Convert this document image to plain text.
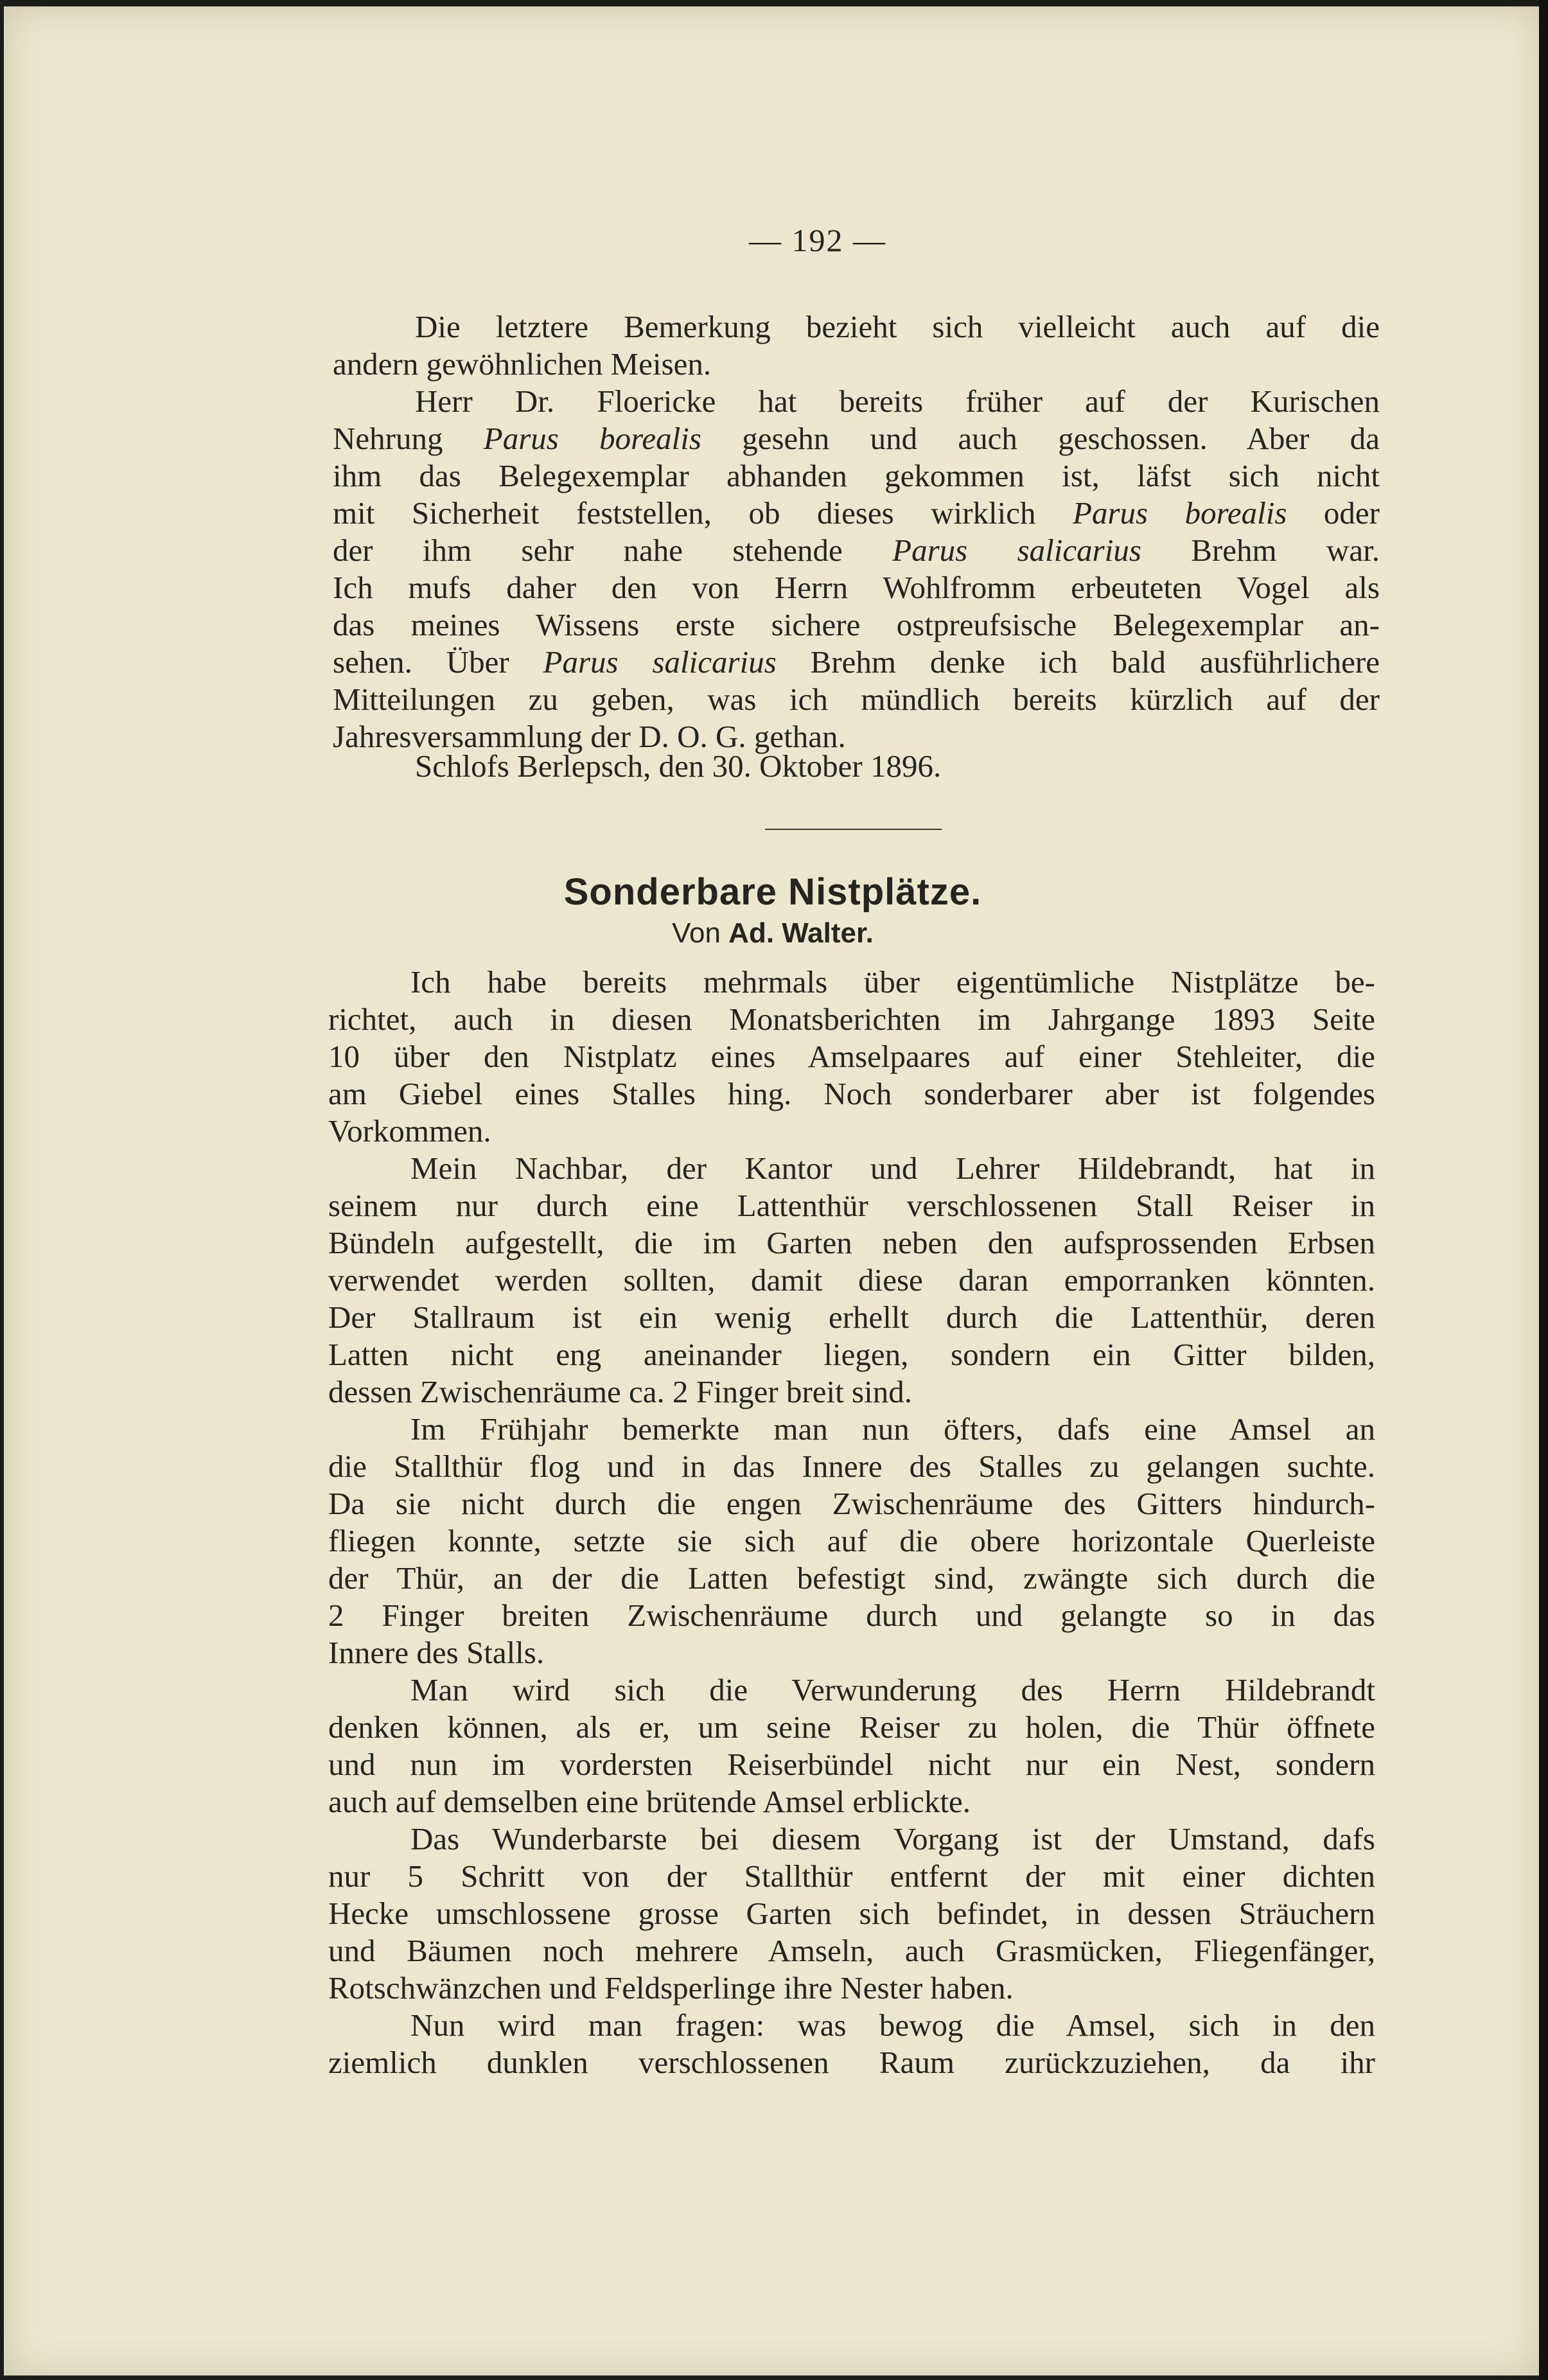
— 192 —
Die letztere Bemerkung bezieht sich vielleicht auch auf die
andern gewöhnlichen Meisen.
Herr Dr. Floericke hat bereits früher auf der Kurischen
Nehrung Parus borealis gesehn und auch geschossen. Aber da
ihm das Belegexemplar abhanden gekommen ist, läfst sich nicht
mit Sicherheit feststellen, ob dieses wirklich Parus borealis oder
der ihm sehr nahe stehende Parus salicarius Brehm war.
Ich mufs daher den von Herrn Wohlfromm erbeuteten Vogel als
das meines Wissens erste sichere ostpreufsische Belegexemplar an-
sehen. Über Parus salicarius Brehm denke ich bald ausführlichere
Mitteilungen zu geben, was ich mündlich bereits kürzlich auf der
Jahresversammlung der D. O. G. gethan.
Schlofs Berlepsch, den 30. Oktober 1896.
Sonderbare Nistplätze.
Von Ad. Walter.
Ich habe bereits mehrmals über eigentümliche Nistplätze be-
richtet, auch in diesen Monatsberichten im Jahrgange 1893 Seite
10 über den Nistplatz eines Amselpaares auf einer Stehleiter, die
am Giebel eines Stalles hing. Noch sonderbarer aber ist folgendes
Vorkommen.
Mein Nachbar, der Kantor und Lehrer Hildebrandt, hat in
seinem nur durch eine Lattenthür verschlossenen Stall Reiser in
Bündeln aufgestellt, die im Garten neben den aufsprossenden Erbsen
verwendet werden sollten, damit diese daran emporranken könnten.
Der Stallraum ist ein wenig erhellt durch die Lattenthür, deren
Latten nicht eng aneinander liegen, sondern ein Gitter bilden,
dessen Zwischenräume ca. 2 Finger breit sind.
Im Frühjahr bemerkte man nun öfters, dafs eine Amsel an
die Stallthür flog und in das Innere des Stalles zu gelangen suchte.
Da sie nicht durch die engen Zwischenräume des Gitters hindurch-
fliegen konnte, setzte sie sich auf die obere horizontale Querleiste
der Thür, an der die Latten befestigt sind, zwängte sich durch die
2 Finger breiten Zwischenräume durch und gelangte so in das
Innere des Stalls.
Man wird sich die Verwunderung des Herrn Hildebrandt
denken können, als er, um seine Reiser zu holen, die Thür öffnete
und nun im vordersten Reiserbündel nicht nur ein Nest, sondern
auch auf demselben eine brütende Amsel erblickte.
Das Wunderbarste bei diesem Vorgang ist der Umstand, dafs
nur 5 Schritt von der Stallthür entfernt der mit einer dichten
Hecke umschlossene grosse Garten sich befindet, in dessen Sträuchern
und Bäumen noch mehrere Amseln, auch Grasmücken, Fliegenfänger,
Rotschwänzchen und Feldsperlinge ihre Nester haben.
Nun wird man fragen: was bewog die Amsel, sich in den
ziemlich dunklen verschlossenen Raum zurückzuziehen, da ihr
